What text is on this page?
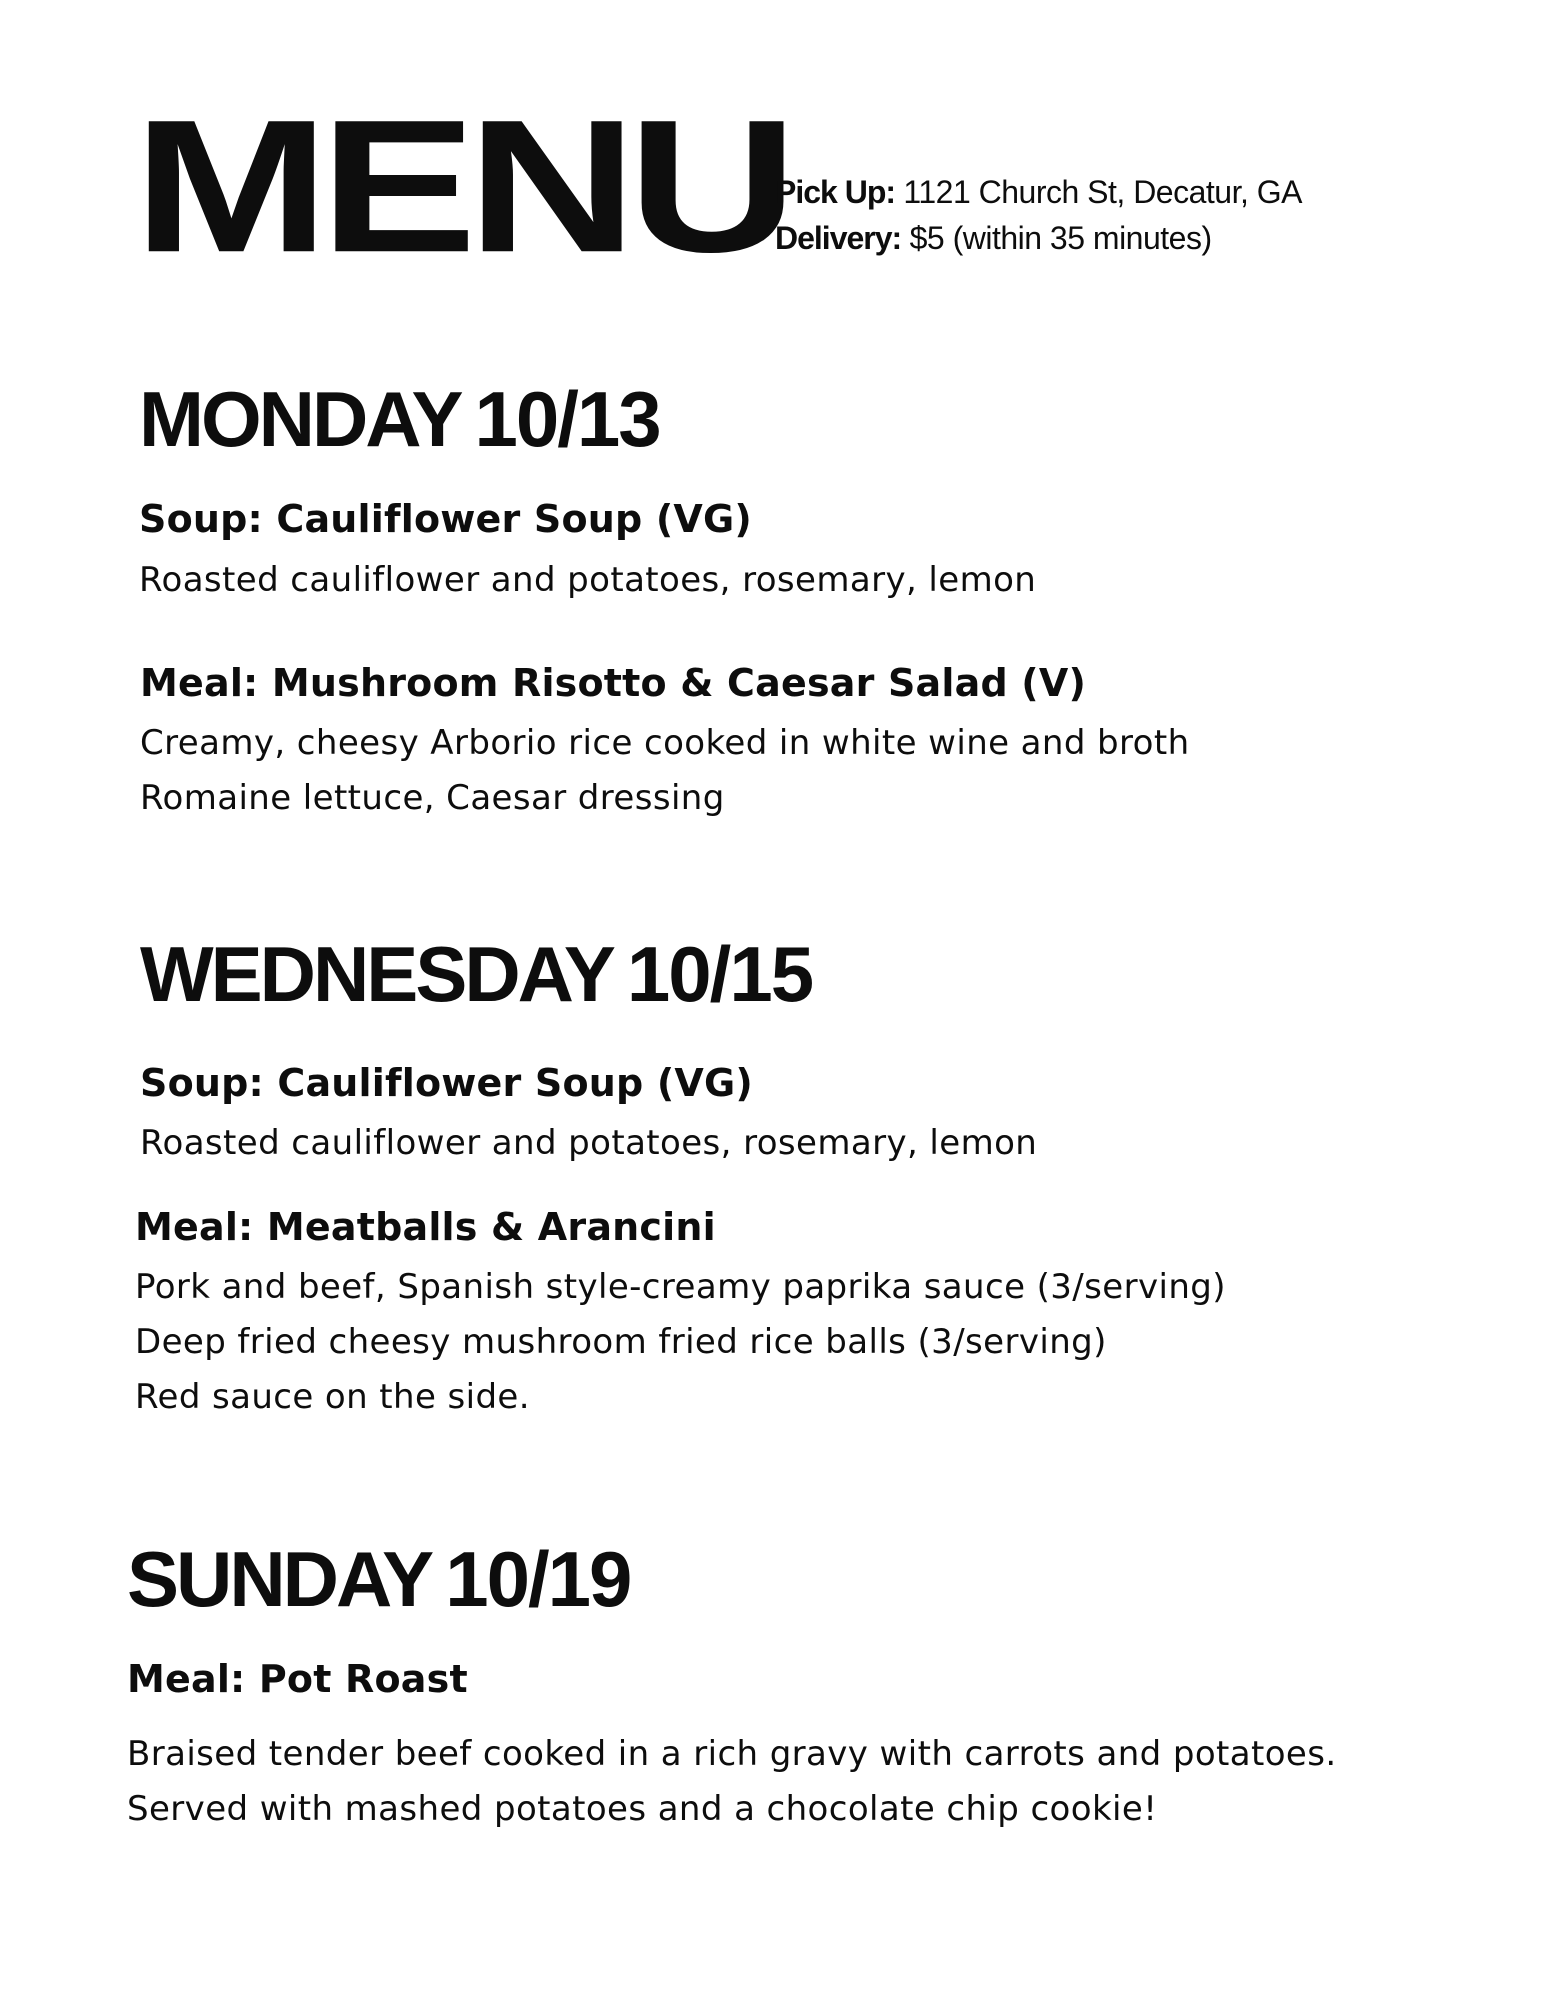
MENU
Pick Up: 1121 Church St, Decatur, GA
Delivery: $5 (within 35 minutes)
MONDAY 10/13
Soup: Cauliflower Soup (VG)
Roasted cauliflower and potatoes, rosemary, lemon
Meal: Mushroom Risotto & Caesar Salad (V)
Creamy, cheesy Arborio rice cooked in white wine and broth
Romaine lettuce, Caesar dressing
WEDNESDAY 10/15
Soup: Cauliflower Soup (VG)
Roasted cauliflower and potatoes, rosemary, lemon
Meal: Meatballs & Arancini
Pork and beef, Spanish style-creamy paprika sauce (3/serving)
Deep fried cheesy mushroom fried rice balls (3/serving)
Red sauce on the side.
SUNDAY 10/19
Meal: Pot Roast
Braised tender beef cooked in a rich gravy with carrots and potatoes.
Served with mashed potatoes and a chocolate chip cookie!
